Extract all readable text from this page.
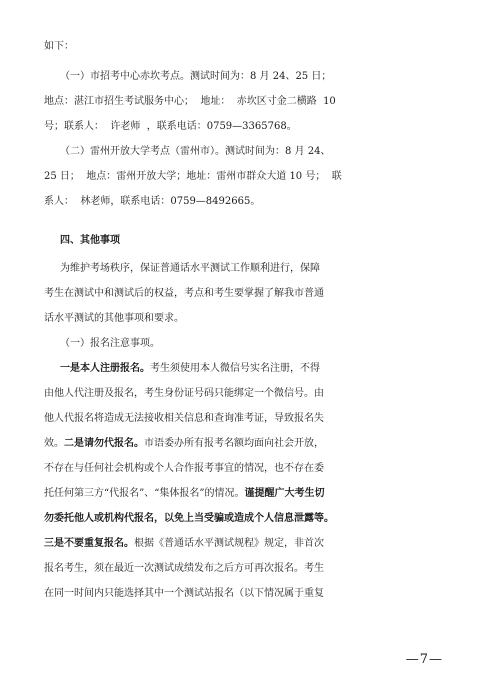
如下：
（一）市招考中心赤坎考点。测试时间为：8 月 24、25 日；
地点：湛江市招生考试服务中心；  地址：  赤坎区寸金二横路  10
号；联系人：  许老师  ，联系电话：0759—3365768。
（二）雷州开放大学考点（雷州市）。测试时间为：8 月 24、
25 日；  地点：雷州开放大学；地址：雷州市群众大道 10 号；  联
系人：  林老师，联系电话：0759—8492665。
四、其他事项
为维护考场秩序，保证普通话水平测试工作顺利进行，保障
考生在测试中和测试后的权益，考点和考生要掌握了解我市普通
话水平测试的其他事项和要求。
（一）报名注意事项。
一是本人注册报名。考生须使用本人微信号实名注册，不得
由他人代注册及报名，考生身份证号码只能绑定一个微信号。由
他人代报名将造成无法接收相关信息和查询准考证，导致报名失
效。二是请勿代报名。市语委办所有报考名额均面向社会开放，
不存在与任何社会机构或个人合作报考事宜的情况，也不存在委
托任何第三方“代报名”、“集体报名”的情况。谨提醒广大考生切
勿委托他人或机构代报名，以免上当受骗或造成个人信息泄露等。
三是不要重复报名。根据《普通话水平测试规程》规定，非首次
报名考生，须在最近一次测试成绩发布之后方可再次报名。考生
在同一时间内只能选择其中一个测试站报名（以下情况属于重复
—7—
